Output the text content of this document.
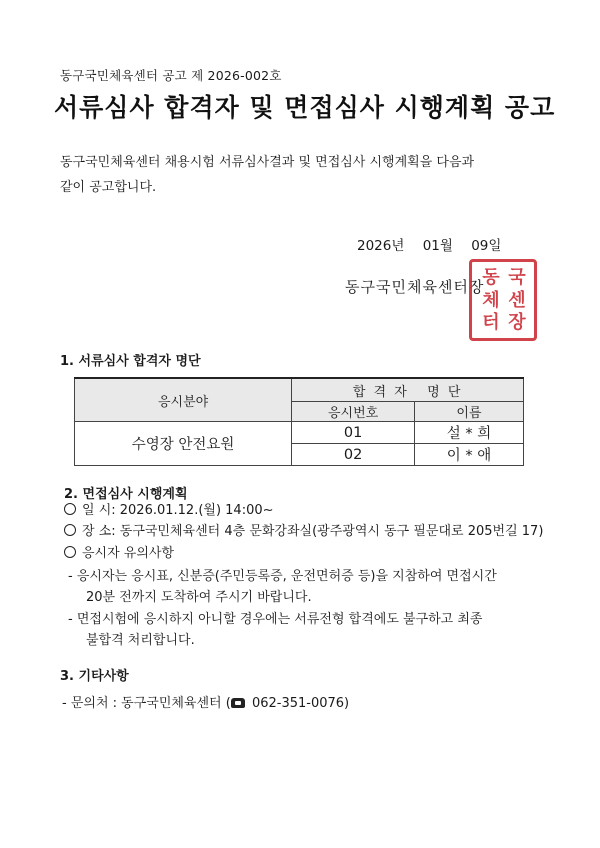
동구국민체육센터 공고 제 2026-002호
서류심사 합격자 및 면접심사 시행계획 공고
동구국민체육센터 채용시험 서류심사결과 및 면접심사 시행계획을 다음과
같이 공고합니다.
2026년 01월 09일
동구국민체육센터장
동 국
체 센
터 장
1. 서류심사 합격자 명단
응시분야	합 격 자   명 단	
	응시번호	이름
수영장 안전요원	01	설 * 희
	02	이 * 애
2. 면접심사 시행계획
일 시: 2026.01.12.(월) 14:00~
장 소: 동구국민체육센터 4층 문화강좌실(광주광역시 동구 필문대로 205번길 17)
응시자 유의사항
- 응시자는 응시표, 신분증(주민등록증, 운전면허증 등)을 지참하여 면접시간
20분 전까지 도착하여 주시기 바랍니다.
- 면접시험에 응시하지 아니할 경우에는 서류전형 합격에도 불구하고 최종
불합격 처리합니다.
3. 기타사항
- 문의처 : 동구국민체육센터 ( 062-351-0076)
